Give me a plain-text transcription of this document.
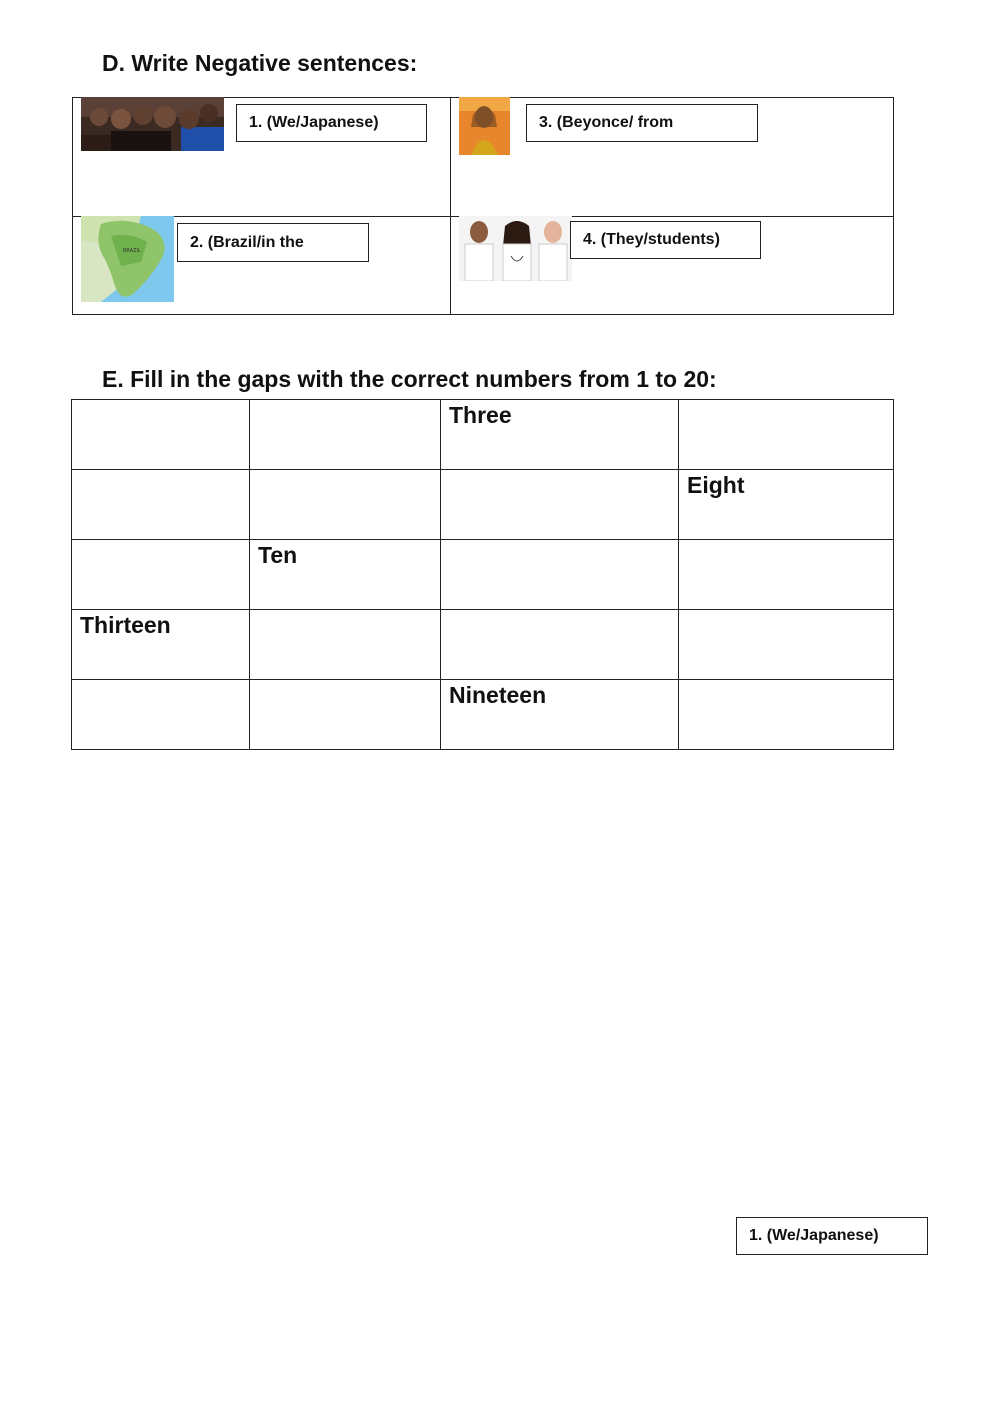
D. Write Negative sentences:
1. (We/Japanese)	3. (Beyonce/ from
BRAZIL
2. (Brazil/in the	4. (They/students)
E. Fill in the gaps with the correct numbers from 1 to 20:
		Three	
			Eight
	Ten		
Thirteen			
		Nineteen	
1. (We/Japanese)
